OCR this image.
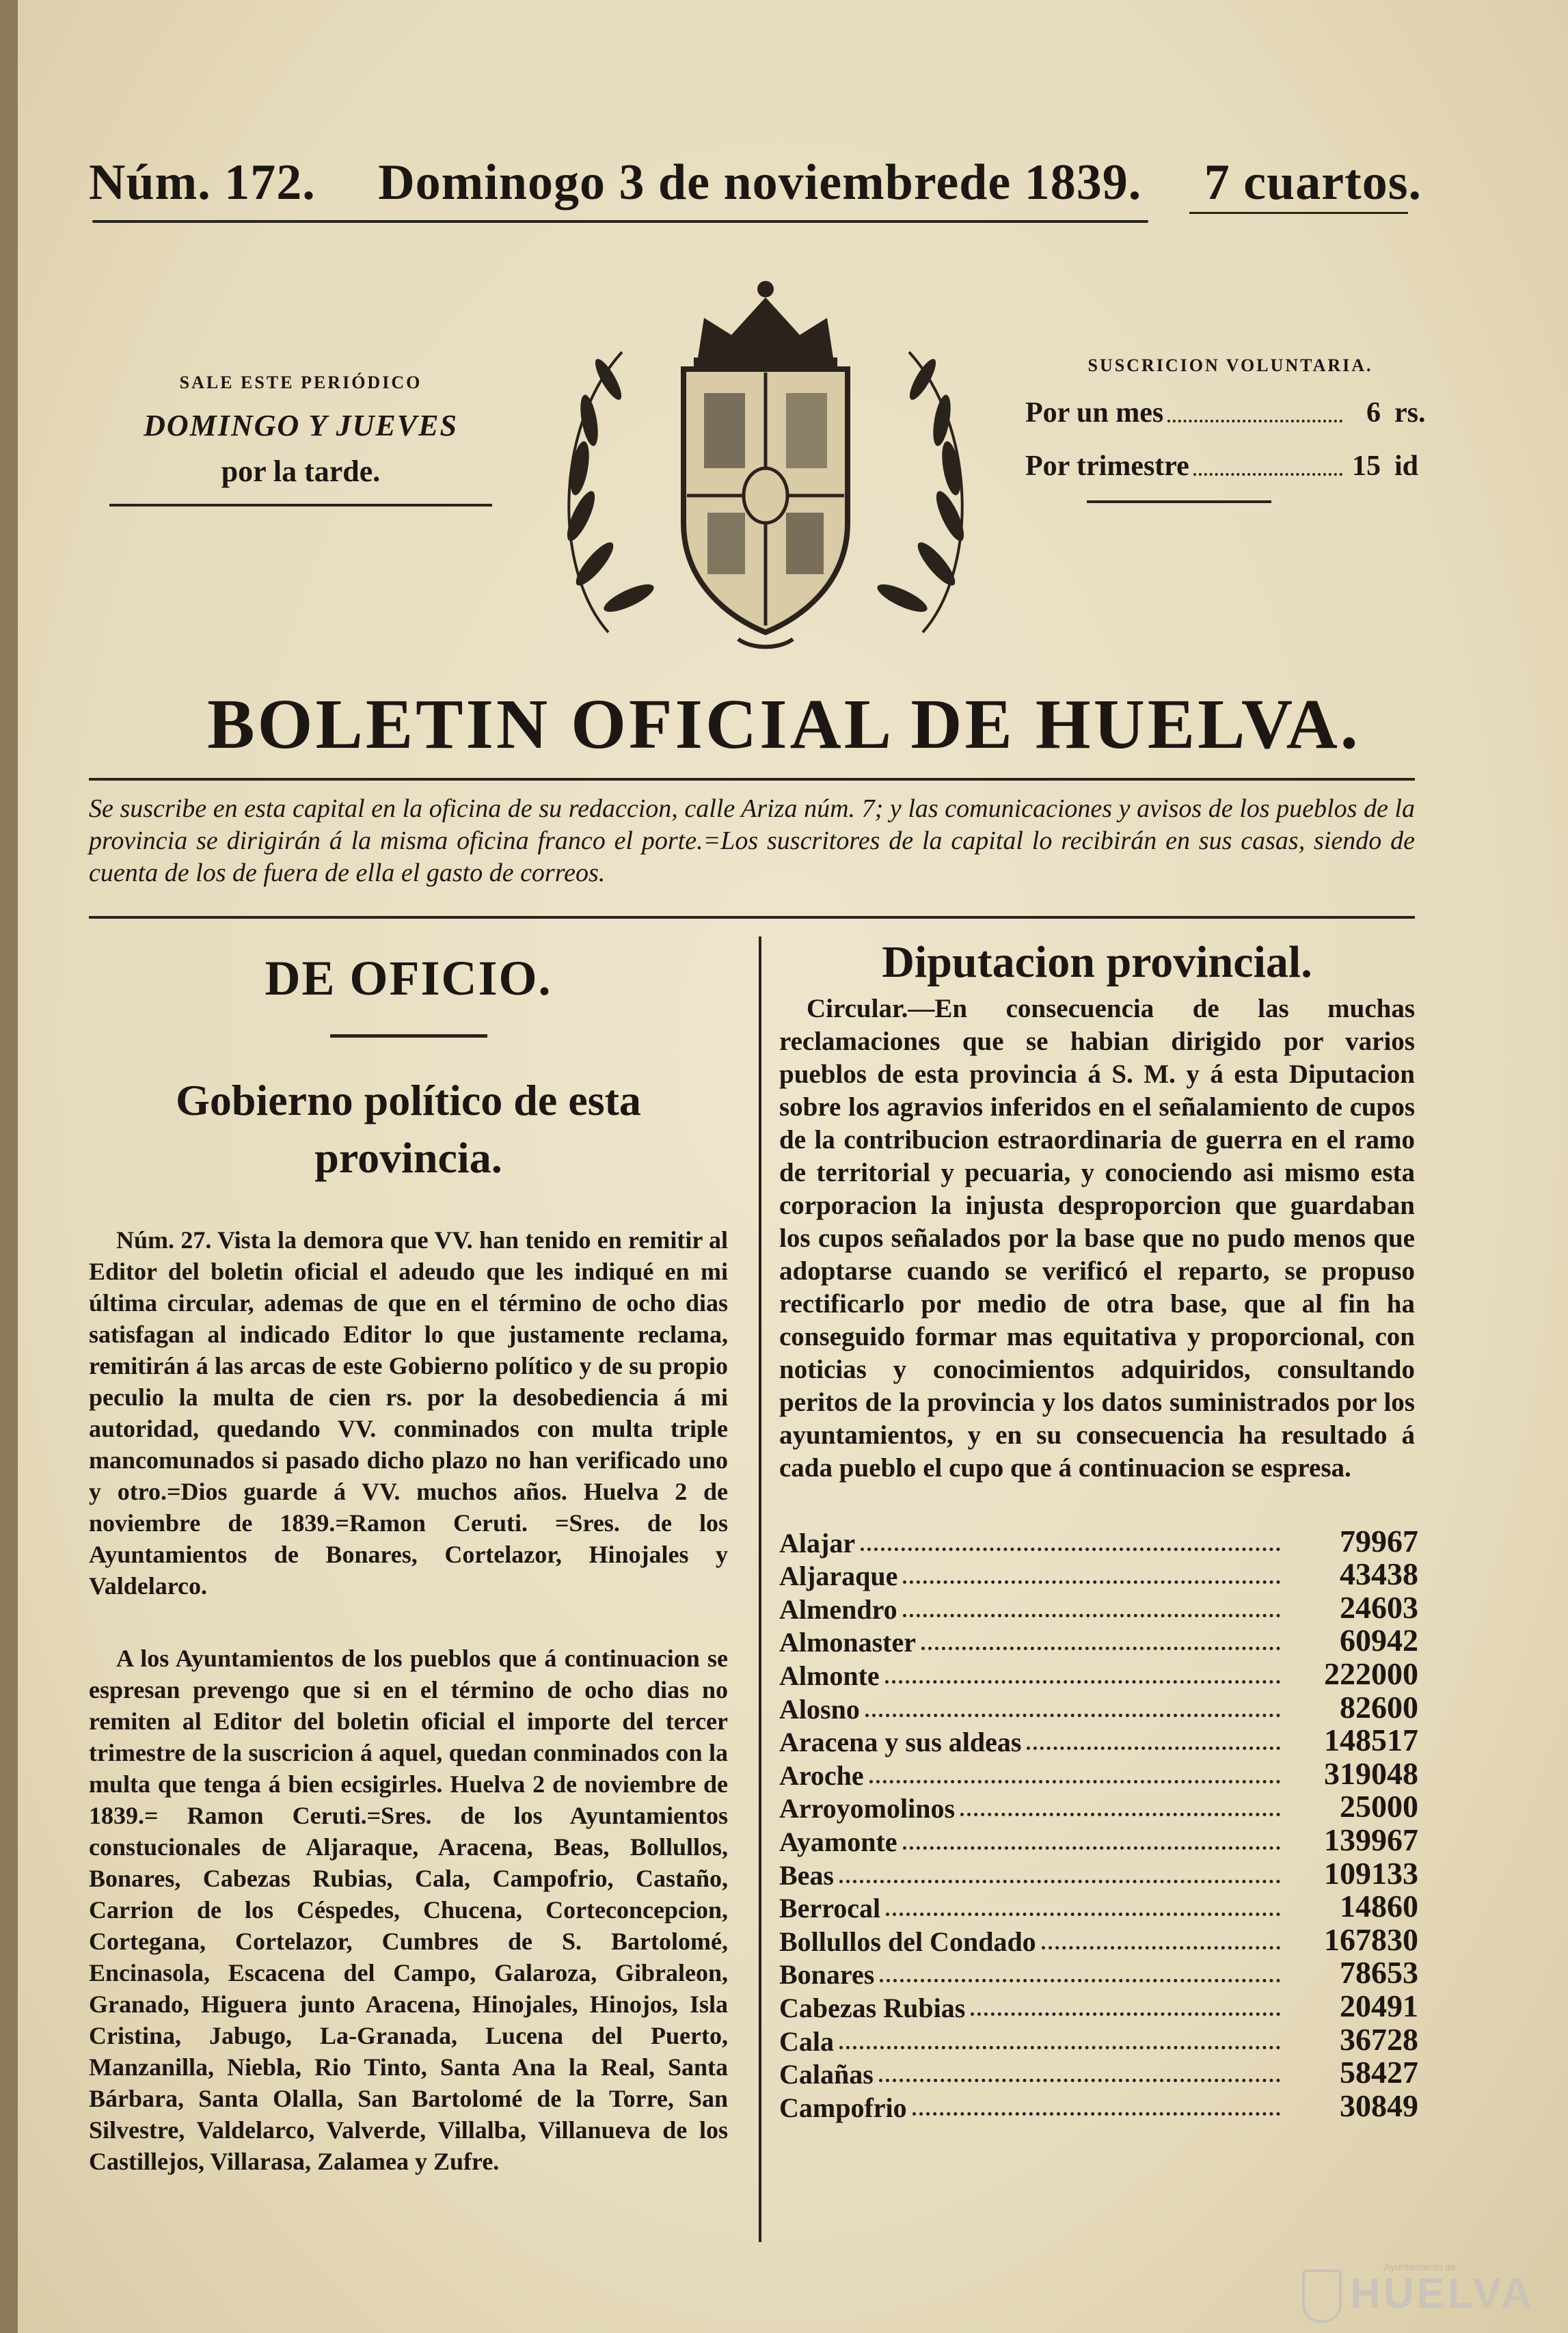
Núm. 172. Dominogo 3 de noviembrede 1839. 7 cuartos.
SALE ESTE PERIÓDICO
DOMINGO Y JUEVES
por la tarde.
SUSCRICION VOLUNTARIA.
Por un mes	6 rs.
Por trimestre	15 id
BOLETIN OFICIAL DE HUELVA.
Se suscribe en esta capital en la oficina de su redaccion, calle Ariza núm. 7; y las comunicaciones y avisos de los pueblos de la provincia se dirigirán á la misma oficina franco el porte.=Los suscritores de la capital lo recibirán en sus casas, siendo de cuenta de los de fuera de ella el gasto de correos.
DE OFICIO.
Gobierno político de esta
provincia.

Núm. 27. Vista la demora que VV. han tenido en remitir al Editor del boletin oficial el adeudo que les indiqué en mi última circular, ademas de que en el término de ocho dias satisfagan al indicado Editor lo que justamente reclama, remitirán á las arcas de este Gobierno político y de su propio peculio la multa de cien rs. por la desobediencia á mi autoridad, quedando VV. conminados con multa triple mancomunados si pasado dicho plazo no han verificado uno y otro.=Dios guarde á VV. muchos años. Huelva 2 de noviembre de 1839.=Ramon Ceruti. =Sres. de los Ayuntamientos de Bonares, Cortelazor, Hinojales y Valdelarco.

A los Ayuntamientos de los pueblos que á continuacion se espresan prevengo que si en el término de ocho dias no remiten al Editor del boletin oficial el importe del tercer trimestre de la suscricion á aquel, quedan conminados con la multa que tenga á bien ecsigirles. Huelva 2 de noviembre de 1839.= Ramon Ceruti.=Sres. de los Ayuntamientos constucionales de Aljaraque, Aracena, Beas, Bollullos, Bonares, Cabezas Rubias, Cala, Campofrio, Castaño, Carrion de los Céspedes, Chucena, Corteconcepcion, Cortegana, Cortelazor, Cumbres de S. Bartolomé, Encinasola, Escacena del Campo, Galaroza, Gibraleon, Granado, Higuera junto Aracena, Hinojales, Hinojos, Isla Cristina, Jabugo, La-Granada, Lucena del Puerto, Manzanilla, Niebla, Rio Tinto, Santa Ana la Real, Santa Bárbara, Santa Olalla, San Bartolomé de la Torre, San Silvestre, Valdelarco, Valverde, Villalba, Villanueva de los Castillejos, Villarasa, Zalamea y Zufre.

Diputacion provincial.

Circular.—En consecuencia de las muchas reclamaciones que se habian dirigido por varios pueblos de esta provincia á S. M. y á esta Diputacion sobre los agravios inferidos en el señalamiento de cupos de la contribucion estraordinaria de guerra en el ramo de territorial y pecuaria, y conociendo asi mismo esta corporacion la injusta desproporcion que guardaban los cupos señalados por la base que no pudo menos que adoptarse cuando se verificó el reparto, se propuso rectificarlo por medio de otra base, que al fin ha conseguido formar mas equitativa y proporcional, con noticias y conocimientos adquiridos, consultando peritos de la provincia y los datos suministrados por los ayuntamientos, y en su consecuencia ha resultado á cada pueblo el cupo que á continuacion se espresa.

Alajar	79967
Aljaraque	43438
Almendro	24603
Almonaster	60942
Almonte	222000
Alosno	82600
Aracena y sus aldeas	148517
Aroche	319048
Arroyomolinos	25000
Ayamonte	139967
Beas	109133
Berrocal	14860
Bollullos del Condado	167830
Bonares	78653
Cabezas Rubias	20491
Cala	36728
Calañas	58427
Campofrio	30849
Ayuntamiento de
HUELVA
